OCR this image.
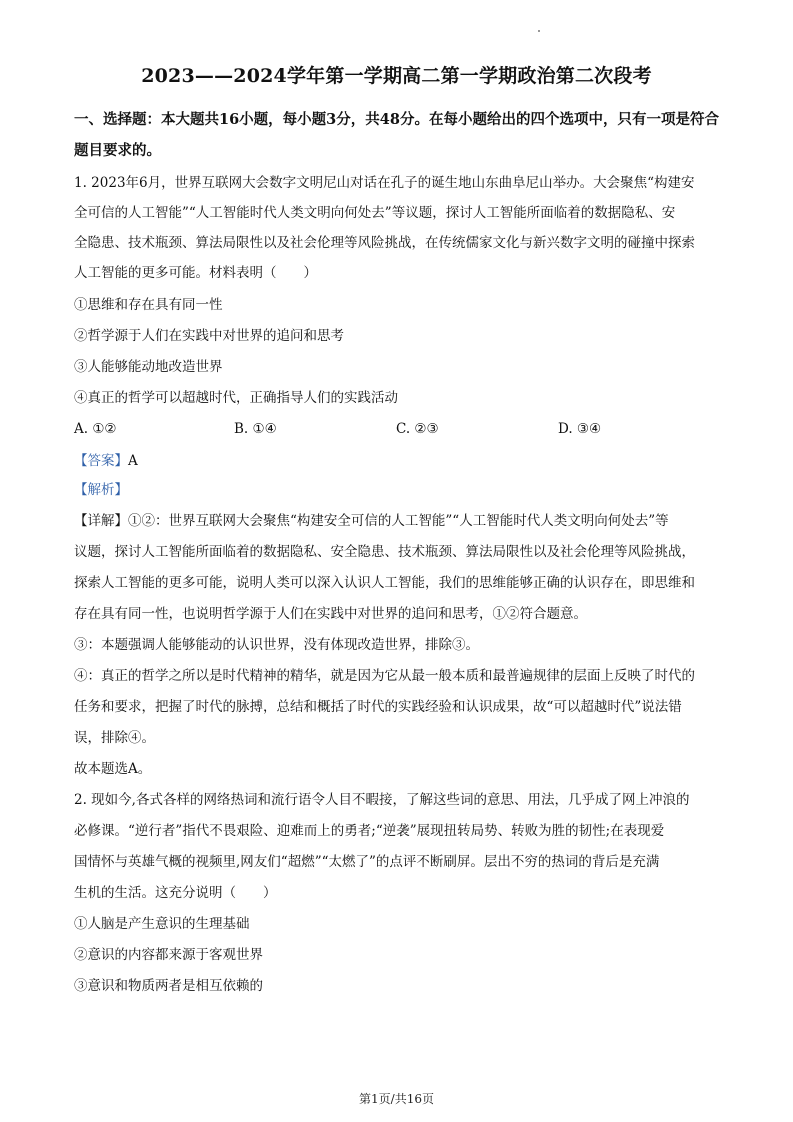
2023——2024学年第一学期高二第一学期政治第二次段考
一、选择题：本大题共16小题，每小题3分，共48分。在每小题给出的四个选项中，只有一项是符合题目要求的。
1. 2023年6月，世界互联网大会数字文明尼山对话在孔子的诞生地山东曲阜尼山举办。大会聚焦“构建安
全可信的人工智能”“人工智能时代人类文明向何处去”等议题，探讨人工智能所面临着的数据隐私、安
全隐患、技术瓶颈、算法局限性以及社会伦理等风险挑战，在传统儒家文化与新兴数字文明的碰撞中探索
人工智能的更多可能。材料表明（　　）
①思维和存在具有同一性
②哲学源于人们在实践中对世界的追问和思考
③人能够能动地改造世界
④真正的哲学可以超越时代，正确指导人们的实践活动
A. ①②	B. ①④	C. ②③	D. ③④
【答案】A
【解析】
【详解】①②：世界互联网大会聚焦“构建安全可信的人工智能”“人工智能时代人类文明向何处去”等
议题，探讨人工智能所面临着的数据隐私、安全隐患、技术瓶颈、算法局限性以及社会伦理等风险挑战，
探索人工智能的更多可能，说明人类可以深入认识人工智能，我们的思维能够正确的认识存在，即思维和
存在具有同一性，也说明哲学源于人们在实践中对世界的追问和思考，①②符合题意。
③：本题强调人能够能动的认识世界，没有体现改造世界，排除③。
④：真正的哲学之所以是时代精神的精华，就是因为它从最一般本质和最普遍规律的层面上反映了时代的
任务和要求，把握了时代的脉搏，总结和概括了时代的实践经验和认识成果，故“可以超越时代”说法错
误，排除④。
故本题选A。
2. 现如今,各式各样的网络热词和流行语令人目不暇接，了解这些词的意思、用法，几乎成了网上冲浪的
必修课。“逆行者”指代不畏艰险、迎难而上的勇者;“逆袭”展现扭转局势、转败为胜的韧性;在表现爱
国情怀与英雄气概的视频里,网友们“超燃”“太燃了”的点评不断刷屏。层出不穷的热词的背后是充满
生机的生活。这充分说明（　　）
①人脑是产生意识的生理基础
②意识的内容都来源于客观世界
③意识和物质两者是相互依赖的
第1页/共16页
